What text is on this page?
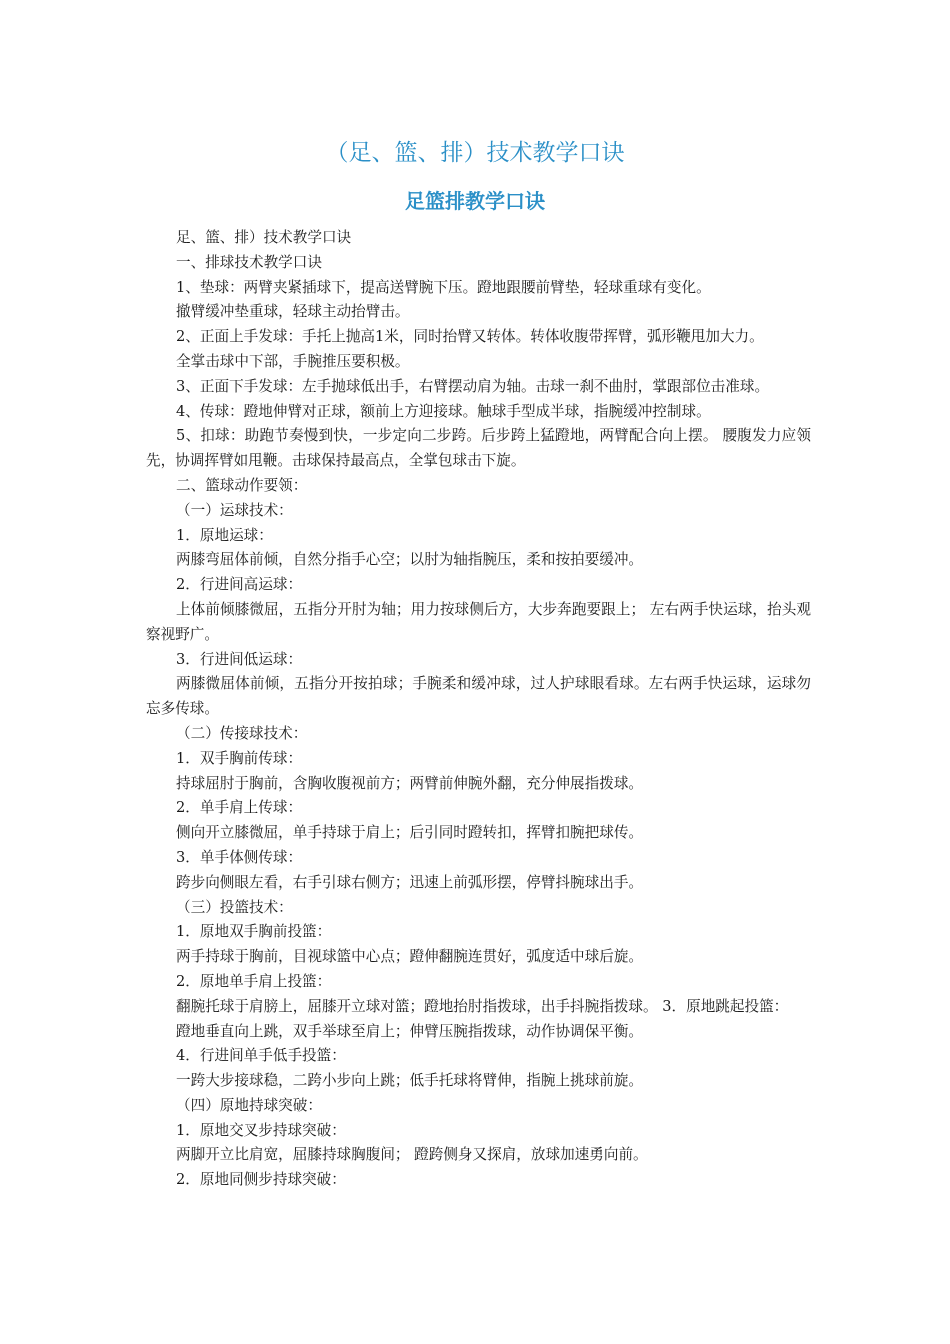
（足、篮、排）技术教学口诀
足篮排教学口诀

足、篮、排）技术教学口诀

一、排球技术教学口诀

1、垫球：两臂夹紧插球下，提高送臂腕下压。蹬地跟腰前臂垫，轻球重球有变化。

撤臂缓冲垫重球，轻球主动抬臂击。

2、正面上手发球：手托上抛高1米，同时抬臂又转体。转体收腹带挥臂，弧形鞭甩加大力。

全掌击球中下部，手腕推压要积极。

3、正面下手发球：左手抛球低出手，右臂摆动肩为轴。击球一刹不曲肘，掌跟部位击准球。

4、传球：蹬地伸臂对正球，额前上方迎接球。触球手型成半球，指腕缓冲控制球。

5、扣球：助跑节奏慢到快，一步定向二步跨。后步跨上猛蹬地，两臂配合向上摆。 腰腹发力应领先，协调挥臂如甩鞭。击球保持最高点，全掌包球击下旋。

二、篮球动作要领：

（一）运球技术：

1．原地运球：

两膝弯屈体前倾，自然分指手心空；以肘为轴指腕压，柔和按拍要缓冲。

2．行进间高运球：

上体前倾膝微屈，五指分开肘为轴；用力按球侧后方，大步奔跑要跟上； 左右两手快运球，抬头观察视野广。

3．行进间低运球：

两膝微屈体前倾，五指分开按拍球；手腕柔和缓冲球，过人护球眼看球。左右两手快运球，运球勿忘多传球。

（二）传接球技术：

1．双手胸前传球：

持球屈肘于胸前，含胸收腹视前方；两臂前伸腕外翻，充分伸展指拨球。

2．单手肩上传球：

侧向开立膝微屈，单手持球于肩上；后引同时蹬转扣，挥臂扣腕把球传。

3．单手体侧传球：

跨步向侧眼左看，右手引球右侧方；迅速上前弧形摆，停臂抖腕球出手。

（三）投篮技术：

1．原地双手胸前投篮：

两手持球于胸前，目视球篮中心点；蹬伸翻腕连贯好，弧度适中球后旋。

2．原地单手肩上投篮：

翻腕托球于肩膀上，屈膝开立球对篮；蹬地抬肘指拨球，出手抖腕指拨球。 3．原地跳起投篮：

蹬地垂直向上跳，双手举球至肩上；伸臂压腕指拨球，动作协调保平衡。

4．行进间单手低手投篮：

一跨大步接球稳，二跨小步向上跳；低手托球将臂伸，指腕上挑球前旋。

（四）原地持球突破：

1．原地交叉步持球突破：

两脚开立比肩宽，屈膝持球胸腹间； 蹬跨侧身又探肩，放球加速勇向前。

2．原地同侧步持球突破：
